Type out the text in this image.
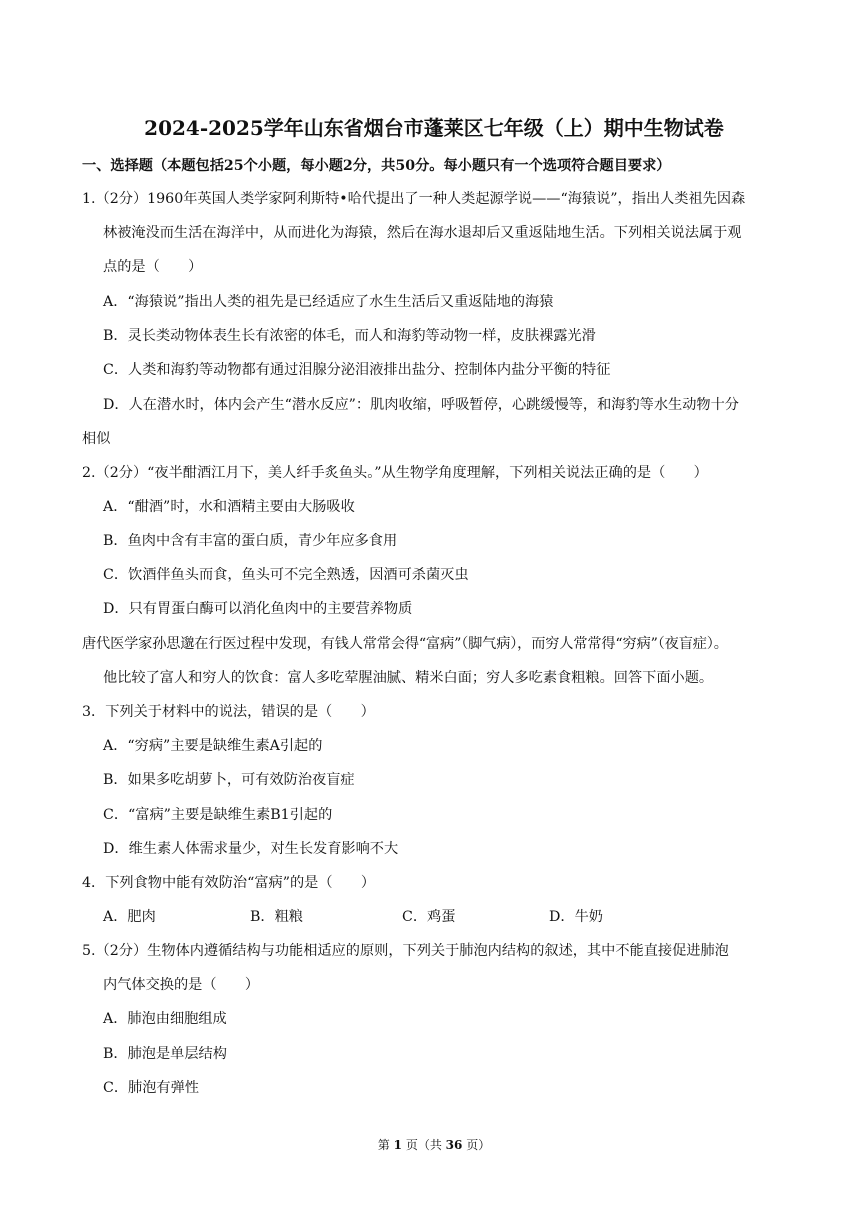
2024-2025学年山东省烟台市蓬莱区七年级（上）期中生物试卷
一、选择题（本题包括25个小题，每小题2分，共50分。每小题只有一个选项符合题目要求）
1.（2分）1960年英国人类学家阿利斯特•哈代提出了一种人类起源学说——“海猿说”，指出人类祖先因森
林被淹没而生活在海洋中，从而进化为海猿，然后在海水退却后又重返陆地生活。下列相关说法属于观
点的是（　　）
A．“海猿说”指出人类的祖先是已经适应了水生生活后又重返陆地的海猿
B．灵长类动物体表生长有浓密的体毛，而人和海豹等动物一样，皮肤裸露光滑
C．人类和海豹等动物都有通过泪腺分泌泪液排出盐分、控制体内盐分平衡的特征
D．人在潜水时，体内会产生“潜水反应”：肌肉收缩，呼吸暂停，心跳缓慢等，和海豹等水生动物十分
相似
2.（2分）“夜半酣酒江月下，美人纤手炙鱼头。”从生物学角度理解，下列相关说法正确的是（　　）
A．“酣酒”时，水和酒精主要由大肠吸收
B．鱼肉中含有丰富的蛋白质，青少年应多食用
C．饮酒伴鱼头而食，鱼头可不完全熟透，因酒可杀菌灭虫
D．只有胃蛋白酶可以消化鱼肉中的主要营养物质
唐代医学家孙思邈在行医过程中发现，有钱人常常会得“富病”（脚气病），而穷人常常得“穷病”（夜盲症）。
他比较了富人和穷人的饮食：富人多吃荤腥油腻、精米白面；穷人多吃素食粗粮。回答下面小题。
3．下列关于材料中的说法，错误的是（　　）
A．“穷病”主要是缺维生素A引起的
B．如果多吃胡萝卜，可有效防治夜盲症
C．“富病”主要是缺维生素B1引起的
D．维生素人体需求量少，对生长发育影响不大
4．下列食物中能有效防治“富病”的是（　　）
A．肥肉	B．粗粮	C．鸡蛋	D．牛奶
5.（2分）生物体内遵循结构与功能相适应的原则，下列关于肺泡内结构的叙述，其中不能直接促进肺泡
内气体交换的是（　　）
A．肺泡由细胞组成
B．肺泡是单层结构
C．肺泡有弹性
第 1 页（共 36 页）
